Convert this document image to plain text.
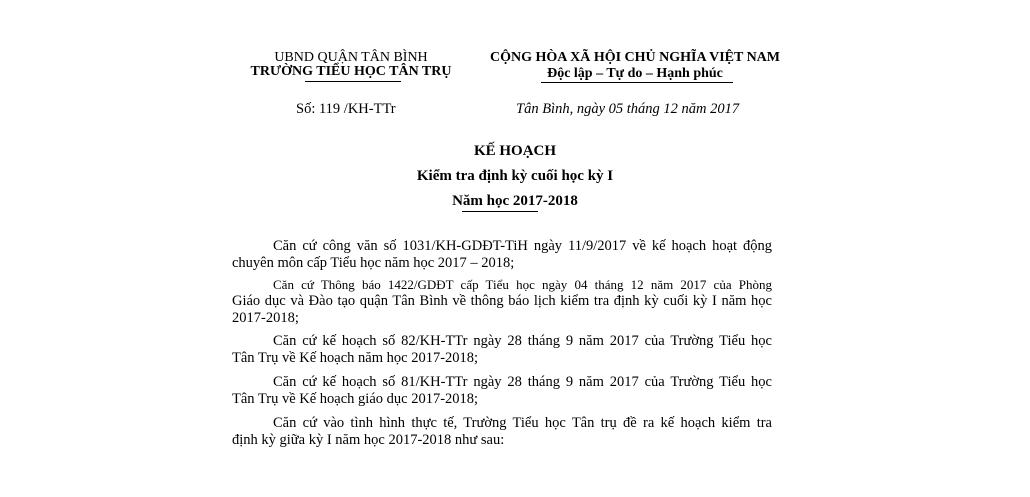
UBND QUẬN TÂN BÌNH
TRƯỜNG TIỂU HỌC TÂN TRỤ
CỘNG HÒA XÃ HỘI CHỦ NGHĨA VIỆT NAM
Độc lập – Tự do – Hạnh phúc
Số: 119 /KH-TTr	Tân Bình, ngày 05 tháng 12 năm 2017
KẾ HOẠCH
Kiểm tra định kỳ cuối học kỳ I
Năm học 2017-2018
Căn cứ công văn số 1031/KH-GDĐT-TiH ngày 11/9/2017 về kế hoạch hoạt động
chuyên môn cấp Tiểu học năm học 2017 – 2018;
Căn cứ Thông báo 1422/GDĐT cấp Tiểu học ngày 04 tháng 12 năm 2017 của Phòng
Giáo dục và Đào tạo quận Tân Bình về thông báo lịch kiểm tra định kỳ cuối kỳ I năm học
2017-2018;
Căn cứ kế hoạch số 82/KH-TTr ngày 28 tháng 9 năm 2017 của Trường Tiểu học
Tân Trụ về Kế hoạch năm học 2017-2018;
Căn cứ kế hoạch số 81/KH-TTr ngày 28 tháng 9 năm 2017 của Trường Tiểu học
Tân Trụ về Kế hoạch giáo dục 2017-2018;
Căn cứ vào tình hình thực tế, Trường Tiểu học Tân trụ đề ra kế hoạch kiểm tra
định kỳ giữa kỳ I năm học 2017-2018 như sau:
